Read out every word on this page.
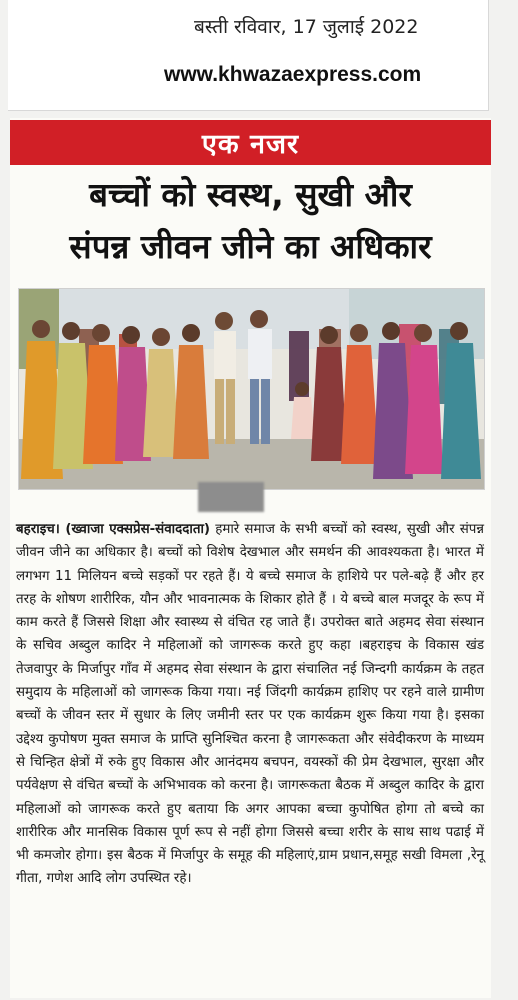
बस्ती रविवार, 17 जुलाई 2022
www.khwazaexpress.com
एक नजर
बच्चों को स्वस्थ, सुखी और
संपन्न जीवन जीने का अधिकार

बहराइच। (ख्वाजा एक्सप्रेस-संवाददाता) हमारे समाज के सभी बच्चों को स्वस्थ, सुखी और संपन्न जीवन जीने का अधिकार है। बच्चों को विशेष देखभाल और समर्थन की आवश्यकता है। भारत में लगभग 11 मिलियन बच्चे सड़कों पर रहते हैं। ये बच्चे समाज के हाशिये पर पले-बढ़े हैं और हर तरह के शोषण शारीरिक, यौन और भावनात्मक के शिकार होते हैं । ये बच्चे बाल मजदूर के रूप में काम करते हैं जिससे शिक्षा और स्वास्थ्य से वंचित रह जाते हैं। उपरोक्त बाते अहमद सेवा संस्थान के सचिव अब्दुल कादिर ने महिलाओं को जागरूक करते हुए कहा ।बहराइच के विकास खंड तेजवापुर के मिर्जापुर गाँव में अहमद सेवा संस्थान के द्वारा संचालित नई जिन्दगी कार्यक्रम के तहत समुदाय के महिलाओं को जागरूक किया गया। नई जिंदगी कार्यक्रम हाशिए पर रहने वाले ग्रामीण बच्चों के जीवन स्तर में सुधार के लिए जमीनी स्तर पर एक कार्यक्रम शुरू किया गया है। इसका उद्देश्य कुपोषण मुक्त समाज के प्राप्ति सुनिश्चित करना है जागरूकता और संवेदीकरण के माध्यम से चिन्हित क्षेत्रों में रुके हुए विकास और आनंदमय बचपन, वयस्कों की प्रेम देखभाल, सुरक्षा और पर्यवेक्षण से वंचित बच्चों के अभिभावक को करना है। जागरूकता बैठक में अब्दुल कादिर के द्वारा महिलाओं को जागरूक करते हुए बताया कि अगर आपका बच्चा कुपोषित होगा तो बच्चे का शारीरिक और मानसिक विकास पूर्ण रूप से नहीं होगा जिससे बच्चा शरीर के साथ साथ पढाई में भी कमजोर होगा। इस बैठक में मिर्जापुर के समूह की महिलाएं,ग्राम प्रधान,समूह सखी विमला ,रेनू गीता, गणेश आदि लोग उपस्थित रहे।
